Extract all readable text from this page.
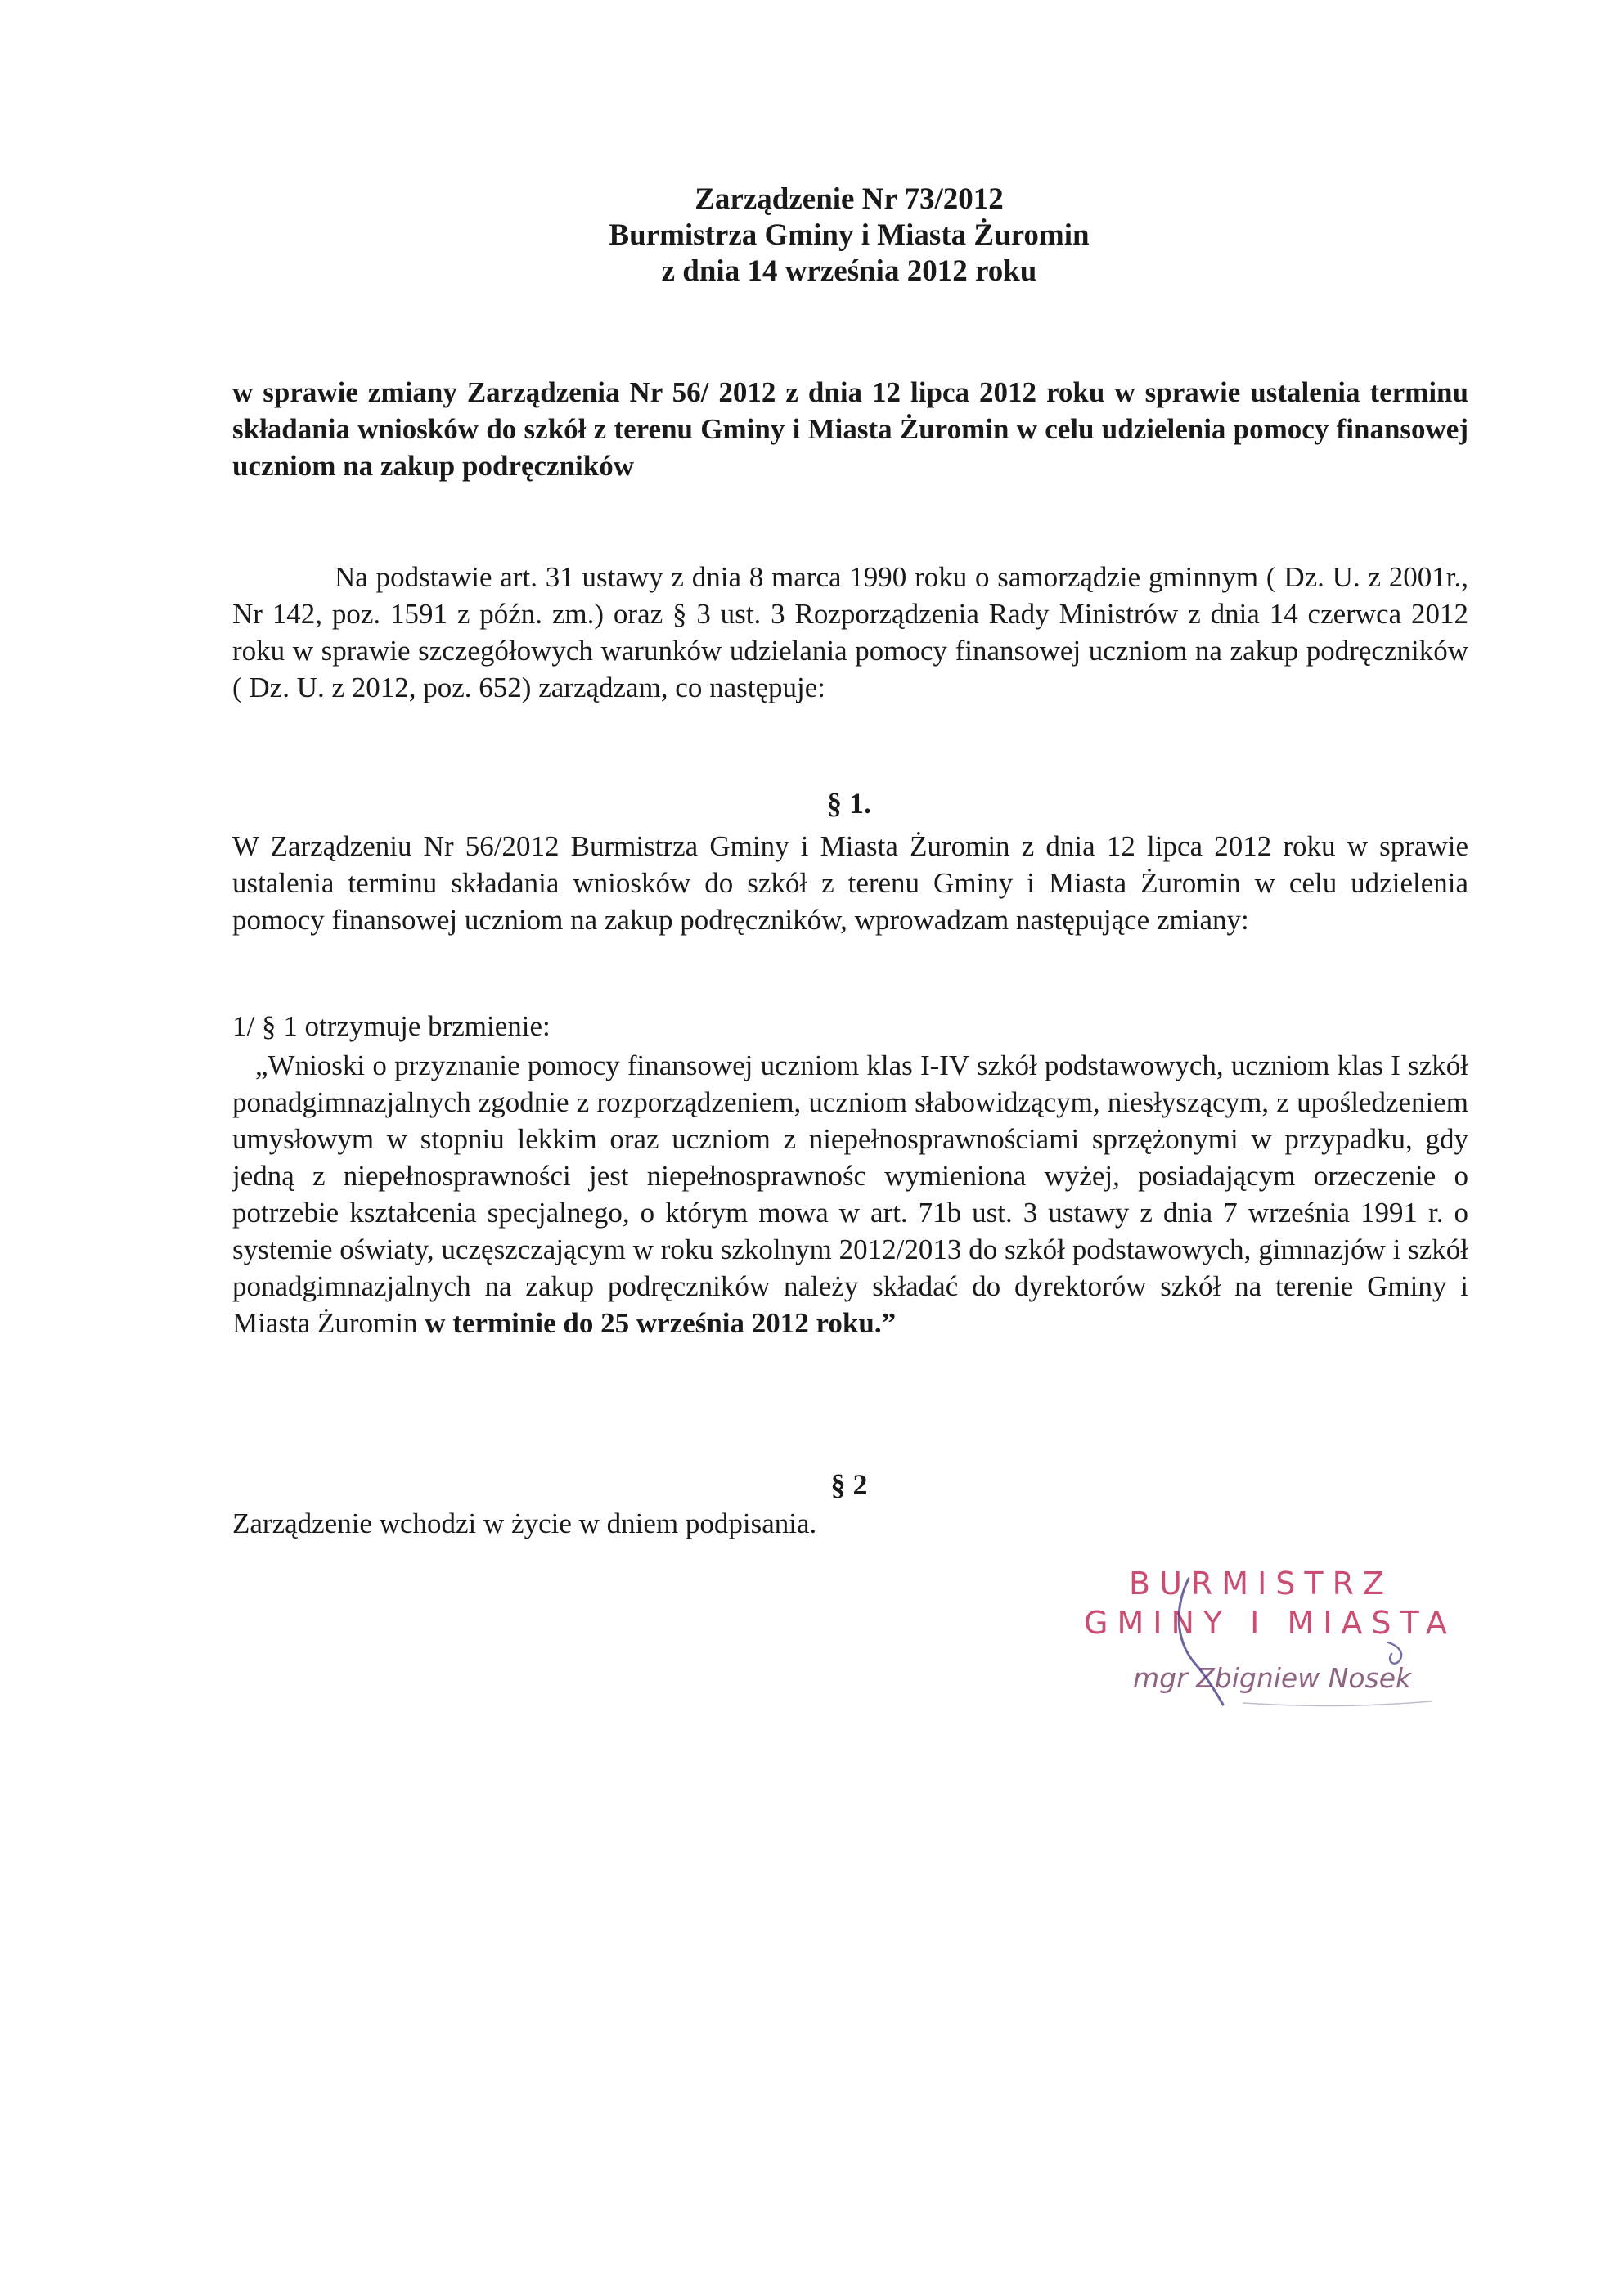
Zarządzenie Nr 73/2012
Burmistrza Gminy i Miasta Żuromin
z dnia 14 września 2012 roku
w sprawie zmiany Zarządzenia Nr 56/ 2012 z dnia 12 lipca 2012 roku w sprawie ustalenia terminu składania wniosków do szkół z terenu Gminy i Miasta Żuromin w celu udzielenia pomocy finansowej uczniom na zakup podręczników
Na podstawie art. 31 ustawy z dnia 8 marca 1990 roku o samorządzie gminnym ( Dz. U. z 2001r., Nr 142, poz. 1591 z późn. zm.) oraz § 3 ust. 3 Rozporządzenia Rady Ministrów z dnia 14 czerwca 2012 roku w sprawie szczegółowych warunków udzielania pomocy finansowej uczniom na zakup podręczników ( Dz. U. z 2012, poz. 652) zarządzam, co następuje:
§ 1.
W Zarządzeniu Nr 56/2012 Burmistrza Gminy i Miasta Żuromin z dnia 12 lipca 2012 roku w sprawie ustalenia terminu składania wniosków do szkół z terenu Gminy i Miasta Żuromin w celu udzielenia pomocy finansowej uczniom na zakup podręczników, wprowadzam następujące zmiany:
1/ § 1 otrzymuje brzmienie:
„Wnioski o przyznanie pomocy finansowej uczniom klas I-IV szkół podstawowych, uczniom klas I szkół ponadgimnazjalnych zgodnie z rozporządzeniem, uczniom słabowidzącym, niesłyszącym, z upośledzeniem umysłowym w stopniu lekkim oraz uczniom z niepełnosprawnościami sprzężonymi w przypadku, gdy jedną z niepełnosprawności jest niepełnosprawnośc wymieniona wyżej, posiadającym orzeczenie o potrzebie kształcenia specjalnego, o którym mowa w art. 71b ust. 3 ustawy z dnia 7 września 1991 r. o systemie oświaty, uczęszczającym w roku szkolnym 2012/2013 do szkół podstawowych, gimnazjów i szkół ponadgimnazjalnych na zakup podręczników należy składać do dyrektorów szkół na terenie Gminy i Miasta Żuromin w terminie do 25 września 2012 roku.”
§ 2
Zarządzenie wchodzi w życie w dniem podpisania.
BURMISTRZ
GMINY I MIASTA
mgr Zbigniew Nosek
